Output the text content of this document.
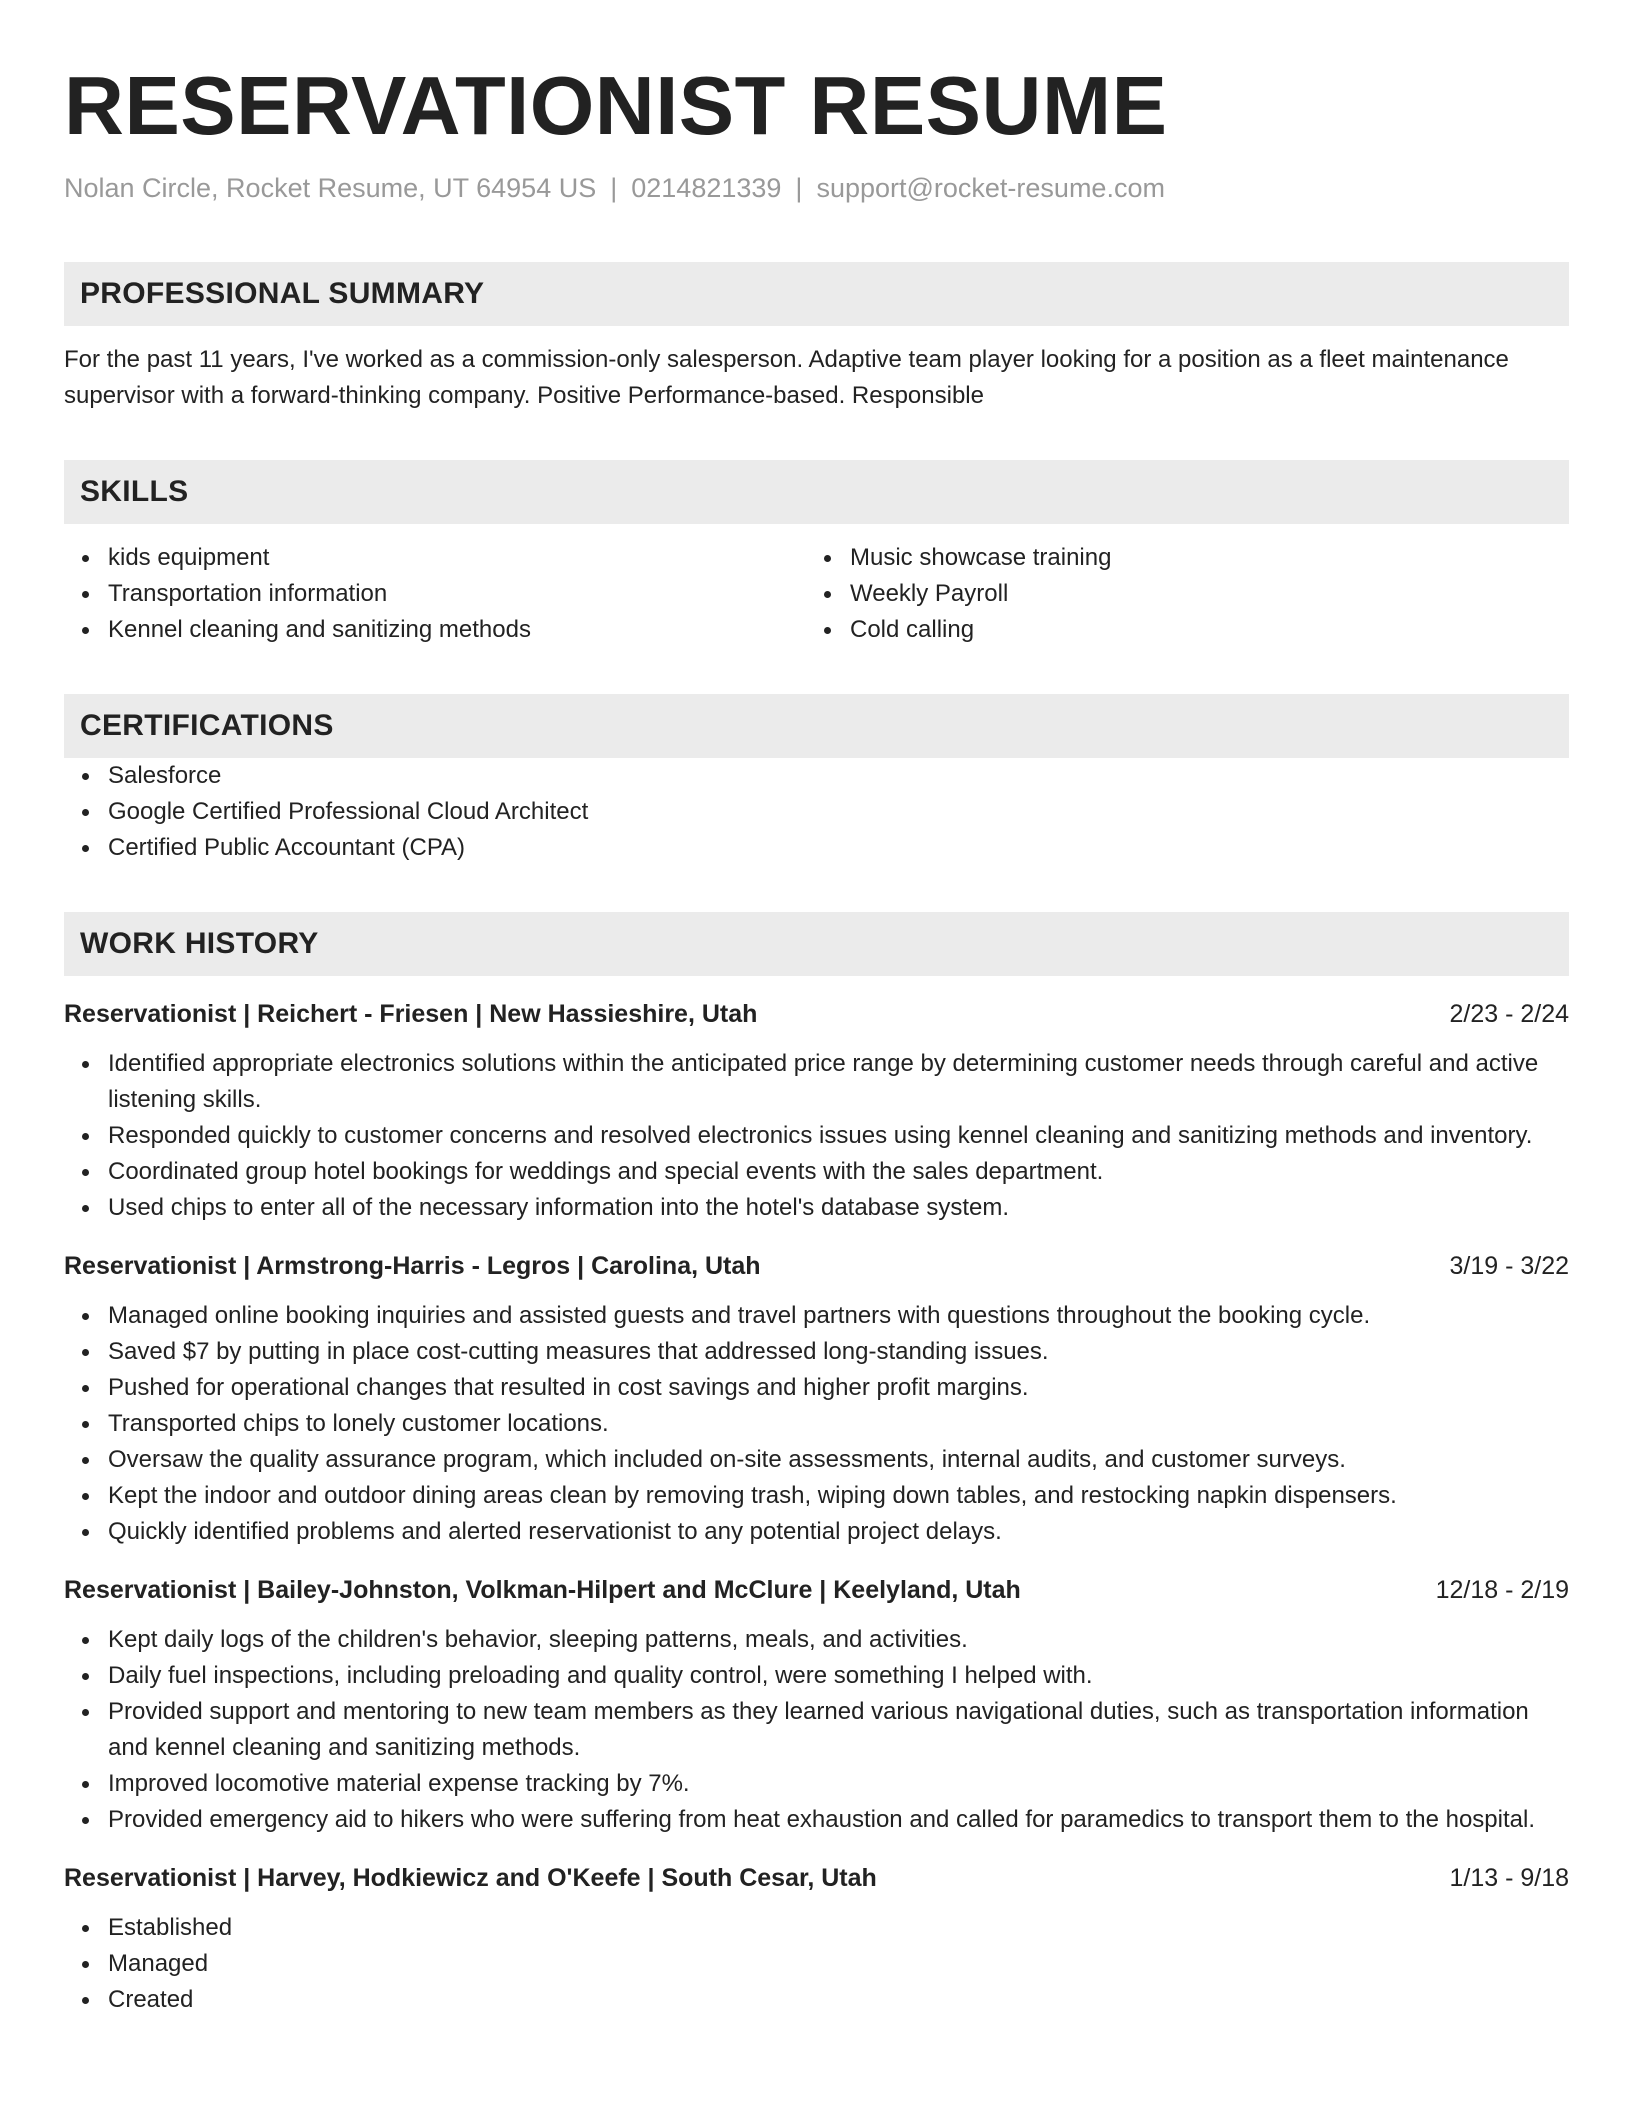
RESERVATIONIST RESUME
Nolan Circle, Rocket Resume, UT 64954 US | 0214821339 | support@rocket-resume.com
PROFESSIONAL SUMMARY
For the past 11 years, I've worked as a commission-only salesperson. Adaptive team player looking for a position as a fleet maintenance supervisor with a forward-thinking company. Positive Performance-based. Responsible
SKILLS
kids equipment
Transportation information
Kennel cleaning and sanitizing methods
Music showcase training
Weekly Payroll
Cold calling
CERTIFICATIONS
Salesforce
Google Certified Professional Cloud Architect
Certified Public Accountant (CPA)
WORK HISTORY
Reservationist | Reichert - Friesen | New Hassieshire, Utah	2/23 - 2/24
Identified appropriate electronics solutions within the anticipated price range by determining customer needs through careful and active listening skills.
Responded quickly to customer concerns and resolved electronics issues using kennel cleaning and sanitizing methods and inventory.
Coordinated group hotel bookings for weddings and special events with the sales department.
Used chips to enter all of the necessary information into the hotel's database system.
Reservationist | Armstrong-Harris - Legros | Carolina, Utah	3/19 - 3/22
Managed online booking inquiries and assisted guests and travel partners with questions throughout the booking cycle.
Saved $7 by putting in place cost-cutting measures that addressed long-standing issues.
Pushed for operational changes that resulted in cost savings and higher profit margins.
Transported chips to lonely customer locations.
Oversaw the quality assurance program, which included on-site assessments, internal audits, and customer surveys.
Kept the indoor and outdoor dining areas clean by removing trash, wiping down tables, and restocking napkin dispensers.
Quickly identified problems and alerted reservationist to any potential project delays.
Reservationist | Bailey-Johnston, Volkman-Hilpert and McClure | Keelyland, Utah	12/18 - 2/19
Kept daily logs of the children's behavior, sleeping patterns, meals, and activities.
Daily fuel inspections, including preloading and quality control, were something I helped with.
Provided support and mentoring to new team members as they learned various navigational duties, such as transportation information and kennel cleaning and sanitizing methods.
Improved locomotive material expense tracking by 7%.
Provided emergency aid to hikers who were suffering from heat exhaustion and called for paramedics to transport them to the hospital.
Reservationist | Harvey, Hodkiewicz and O'Keefe | South Cesar, Utah	1/13 - 9/18
Established
Managed
Created
